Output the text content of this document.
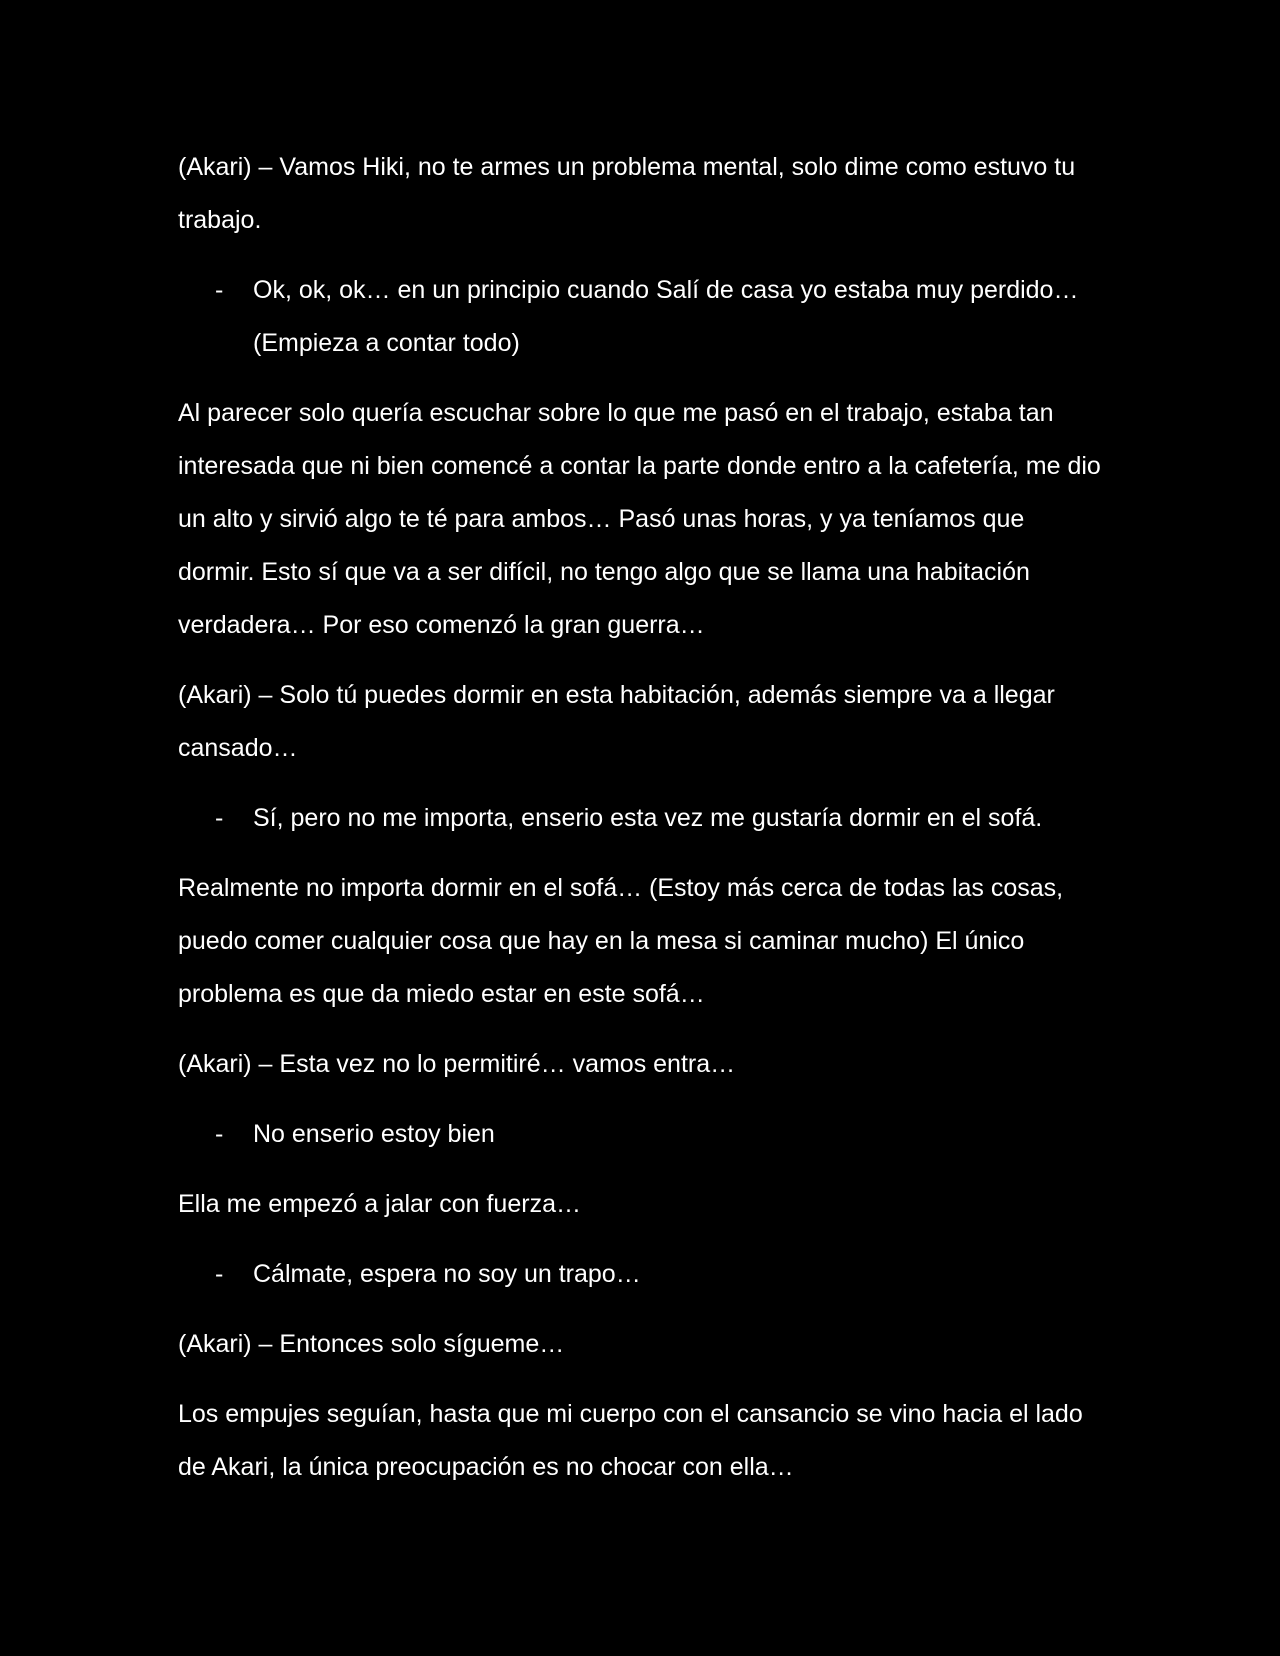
(Akari) – Vamos Hiki, no te armes un problema mental, solo dime como estuvo tu trabajo.

- Ok, ok, ok… en un principio cuando Salí de casa yo estaba muy perdido… (Empieza a contar todo)

Al parecer solo quería escuchar sobre lo que me pasó en el trabajo, estaba tan interesada que ni bien comencé a contar la parte donde entro a la cafetería, me dio un alto y sirvió algo te té para ambos… Pasó unas horas, y ya teníamos que dormir. Esto sí que va a ser difícil, no tengo algo que se llama una habitación verdadera… Por eso comenzó la gran guerra…

(Akari) – Solo tú puedes dormir en esta habitación, además siempre va a llegar cansado…

- Sí, pero no me importa, enserio esta vez me gustaría dormir en el sofá.

Realmente no importa dormir en el sofá… (Estoy más cerca de todas las cosas, puedo comer cualquier cosa que hay en la mesa si caminar mucho) El único problema es que da miedo estar en este sofá…

(Akari) – Esta vez no lo permitiré… vamos entra…

- No enserio estoy bien

Ella me empezó a jalar con fuerza…

- Cálmate, espera no soy un trapo…

(Akari) – Entonces solo sígueme…

Los empujes seguían, hasta que mi cuerpo con el cansancio se vino hacia el lado de Akari, la única preocupación es no chocar con ella…
